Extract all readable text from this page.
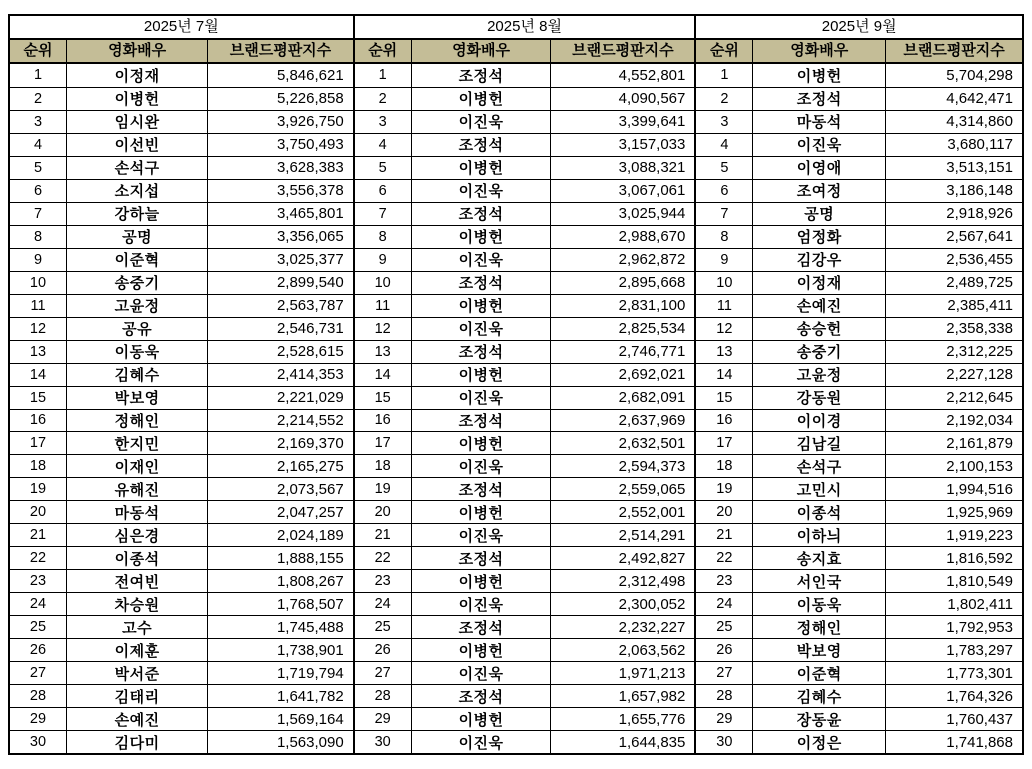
2025년 7월
순위	영화배우	브랜드평판지수
1	이정재	5,846,621
2	이병헌	5,226,858
3	임시완	3,926,750
4	이선빈	3,750,493
5	손석구	3,628,383
6	소지섭	3,556,378
7	강하늘	3,465,801
8	공명	3,356,065
9	이준혁	3,025,377
10	송중기	2,899,540
11	고윤정	2,563,787
12	공유	2,546,731
13	이동욱	2,528,615
14	김혜수	2,414,353
15	박보영	2,221,029
16	정해인	2,214,552
17	한지민	2,169,370
18	이재인	2,165,275
19	유해진	2,073,567
20	마동석	2,047,257
21	심은경	2,024,189
22	이종석	1,888,155
23	전여빈	1,808,267
24	차승원	1,768,507
25	고수	1,745,488
26	이제훈	1,738,901
27	박서준	1,719,794
28	김태리	1,641,782
29	손예진	1,569,164
30	김다미	1,563,090
2025년 8월
순위	영화배우	브랜드평판지수
1	조정석	4,552,801
2	이병헌	4,090,567
3	이진욱	3,399,641
4	조정석	3,157,033
5	이병헌	3,088,321
6	이진욱	3,067,061
7	조정석	3,025,944
8	이병헌	2,988,670
9	이진욱	2,962,872
10	조정석	2,895,668
11	이병헌	2,831,100
12	이진욱	2,825,534
13	조정석	2,746,771
14	이병헌	2,692,021
15	이진욱	2,682,091
16	조정석	2,637,969
17	이병헌	2,632,501
18	이진욱	2,594,373
19	조정석	2,559,065
20	이병헌	2,552,001
21	이진욱	2,514,291
22	조정석	2,492,827
23	이병헌	2,312,498
24	이진욱	2,300,052
25	조정석	2,232,227
26	이병헌	2,063,562
27	이진욱	1,971,213
28	조정석	1,657,982
29	이병헌	1,655,776
30	이진욱	1,644,835
2025년 9월
순위	영화배우	브랜드평판지수
1	이병헌	5,704,298
2	조정석	4,642,471
3	마동석	4,314,860
4	이진욱	3,680,117
5	이영애	3,513,151
6	조여정	3,186,148
7	공명	2,918,926
8	엄정화	2,567,641
9	김강우	2,536,455
10	이정재	2,489,725
11	손예진	2,385,411
12	송승헌	2,358,338
13	송중기	2,312,225
14	고윤정	2,227,128
15	강동원	2,212,645
16	이이경	2,192,034
17	김남길	2,161,879
18	손석구	2,100,153
19	고민시	1,994,516
20	이종석	1,925,969
21	이하늬	1,919,223
22	송지효	1,816,592
23	서인국	1,810,549
24	이동욱	1,802,411
25	정해인	1,792,953
26	박보영	1,783,297
27	이준혁	1,773,301
28	김혜수	1,764,326
29	장동윤	1,760,437
30	이정은	1,741,868
